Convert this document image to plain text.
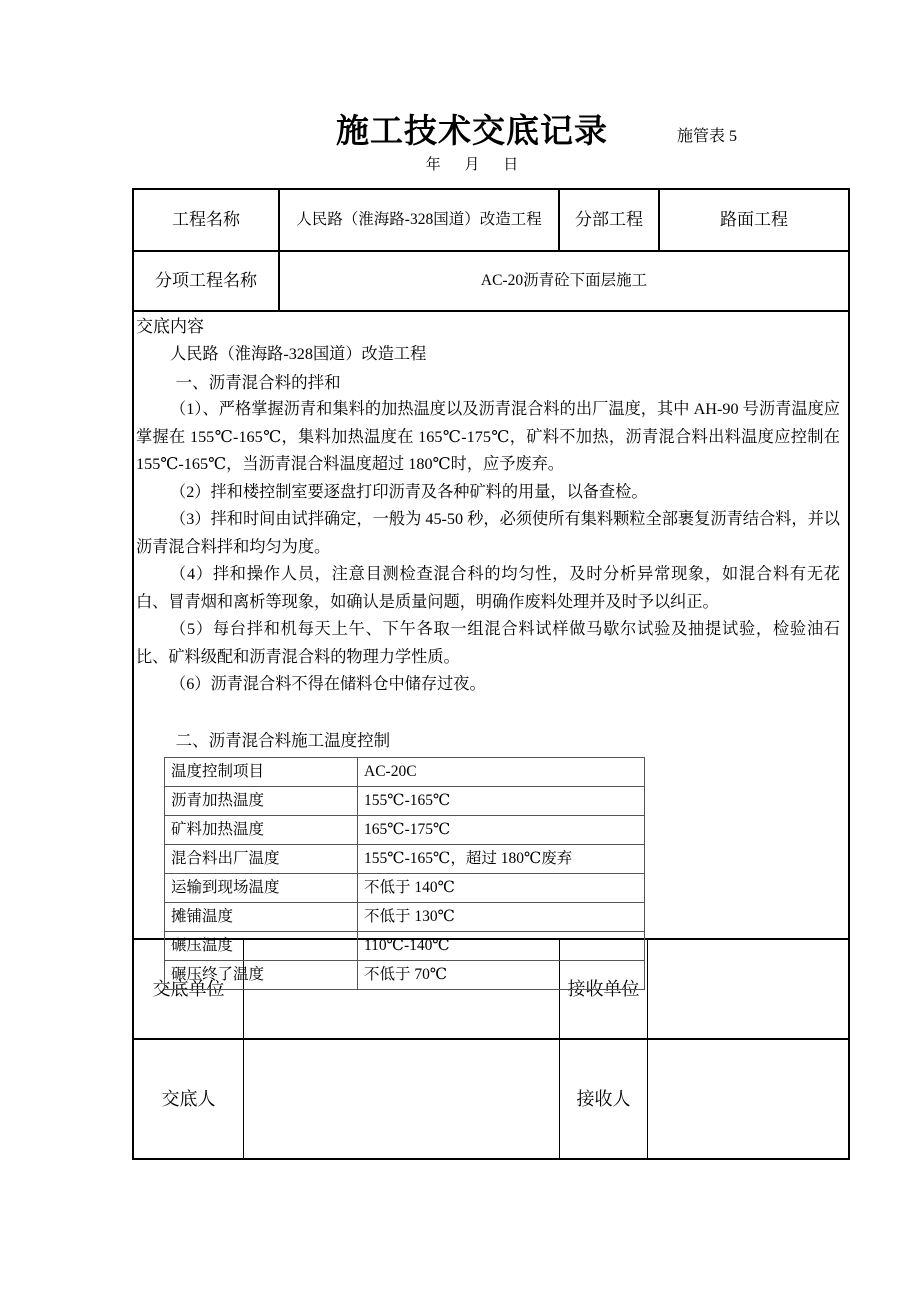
施工技术交底记录	施管表 5
年 月 日
工程名称	人民路（淮海路-328国道）改造工程	分部工程	路面工程
分项工程名称	AC-20沥青砼下面层施工
交底内容
人民路（淮海路-328国道）改造工程
一、沥青混合料的拌和
（1）、严格掌握沥青和集料的加热温度以及沥青混合料的出厂温度，其中 AH-90 号沥青温度应掌握在 155℃-165℃，集料加热温度在 165℃-175℃，矿料不加热，沥青混合料出料温度应控制在 155℃-165℃，当沥青混合料温度超过 180℃时，应予废弃。
（2）拌和楼控制室要逐盘打印沥青及各种矿料的用量，以备查检。
（3）拌和时间由试拌确定，一般为 45-50 秒，必须使所有集料颗粒全部裹复沥青结合料，并以沥青混合料拌和均匀为度。
（4）拌和操作人员，注意目测检查混合科的均匀性，及时分析异常现象，如混合料有无花白、冒青烟和离析等现象，如确认是质量问题，明确作废料处理并及时予以纠正。
（5）每台拌和机每天上午、下午各取一组混合料试样做马歇尔试验及抽提试验，检验油石比、矿料级配和沥青混合料的物理力学性质。
（6）沥青混合料不得在储料仓中储存过夜。
二、沥青混合料施工温度控制
温度控制项目	AC-20C
沥青加热温度	155℃-165℃
矿料加热温度	165℃-175℃
混合料出厂温度	155℃-165℃，超过 180℃废弃
运输到现场温度	不低于 140℃
摊铺温度	不低于 130℃
碾压温度	110℃-140℃
碾压终了温度	不低于 70℃
交底单位	接收单位
交底人	接收人
